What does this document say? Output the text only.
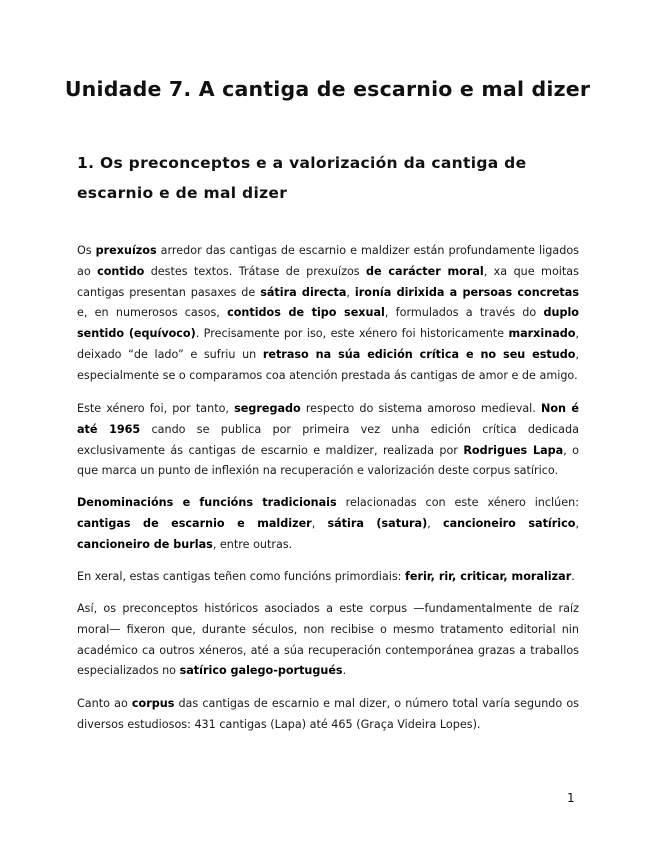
Unidade 7. A cantiga de escarnio e mal dizer
1. Os preconceptos e a valorización da cantiga de escarnio e de mal dizer

Os prexuízos arredor das cantigas de escarnio e maldizer están profundamente ligados ao contido destes textos. Trátase de prexuízos de carácter moral, xa que moitas cantigas presentan pasaxes de sátira directa, ironía dirixida a persoas concretas e, en numerosos casos, contidos de tipo sexual, formulados a través do duplo sentido (equívoco). Precisamente por iso, este xénero foi historicamente marxinado, deixado “de lado” e sufriu un retraso na súa edición crítica e no seu estudo, especialmente se o comparamos coa atención prestada ás cantigas de amor e de amigo.

Este xénero foi, por tanto, segregado respecto do sistema amoroso medieval. Non é até 1965 cando se publica por primeira vez unha edición crítica dedicada exclusivamente ás cantigas de escarnio e maldizer, realizada por Rodrigues Lapa, o que marca un punto de inflexión na recuperación e valorización deste corpus satírico.

Denominacións e funcións tradicionais relacionadas con este xénero inclúen: cantigas de escarnio e maldizer, sátira (satura), cancioneiro satírico, cancioneiro de burlas, entre outras.

En xeral, estas cantigas teñen como funcións primordiais: ferir, rir, criticar, moralizar.

Así, os preconceptos históricos asociados a este corpus —fundamentalmente de raíz moral— fixeron que, durante séculos, non recibise o mesmo tratamento editorial nin académico ca outros xéneros, até a súa recuperación contemporánea grazas a traballos especializados no satírico galego-portugués.

Canto ao corpus das cantigas de escarnio e mal dizer, o número total varía segundo os diversos estudiosos: 431 cantigas (Lapa) até 465 (Graça Videira Lopes).

1
